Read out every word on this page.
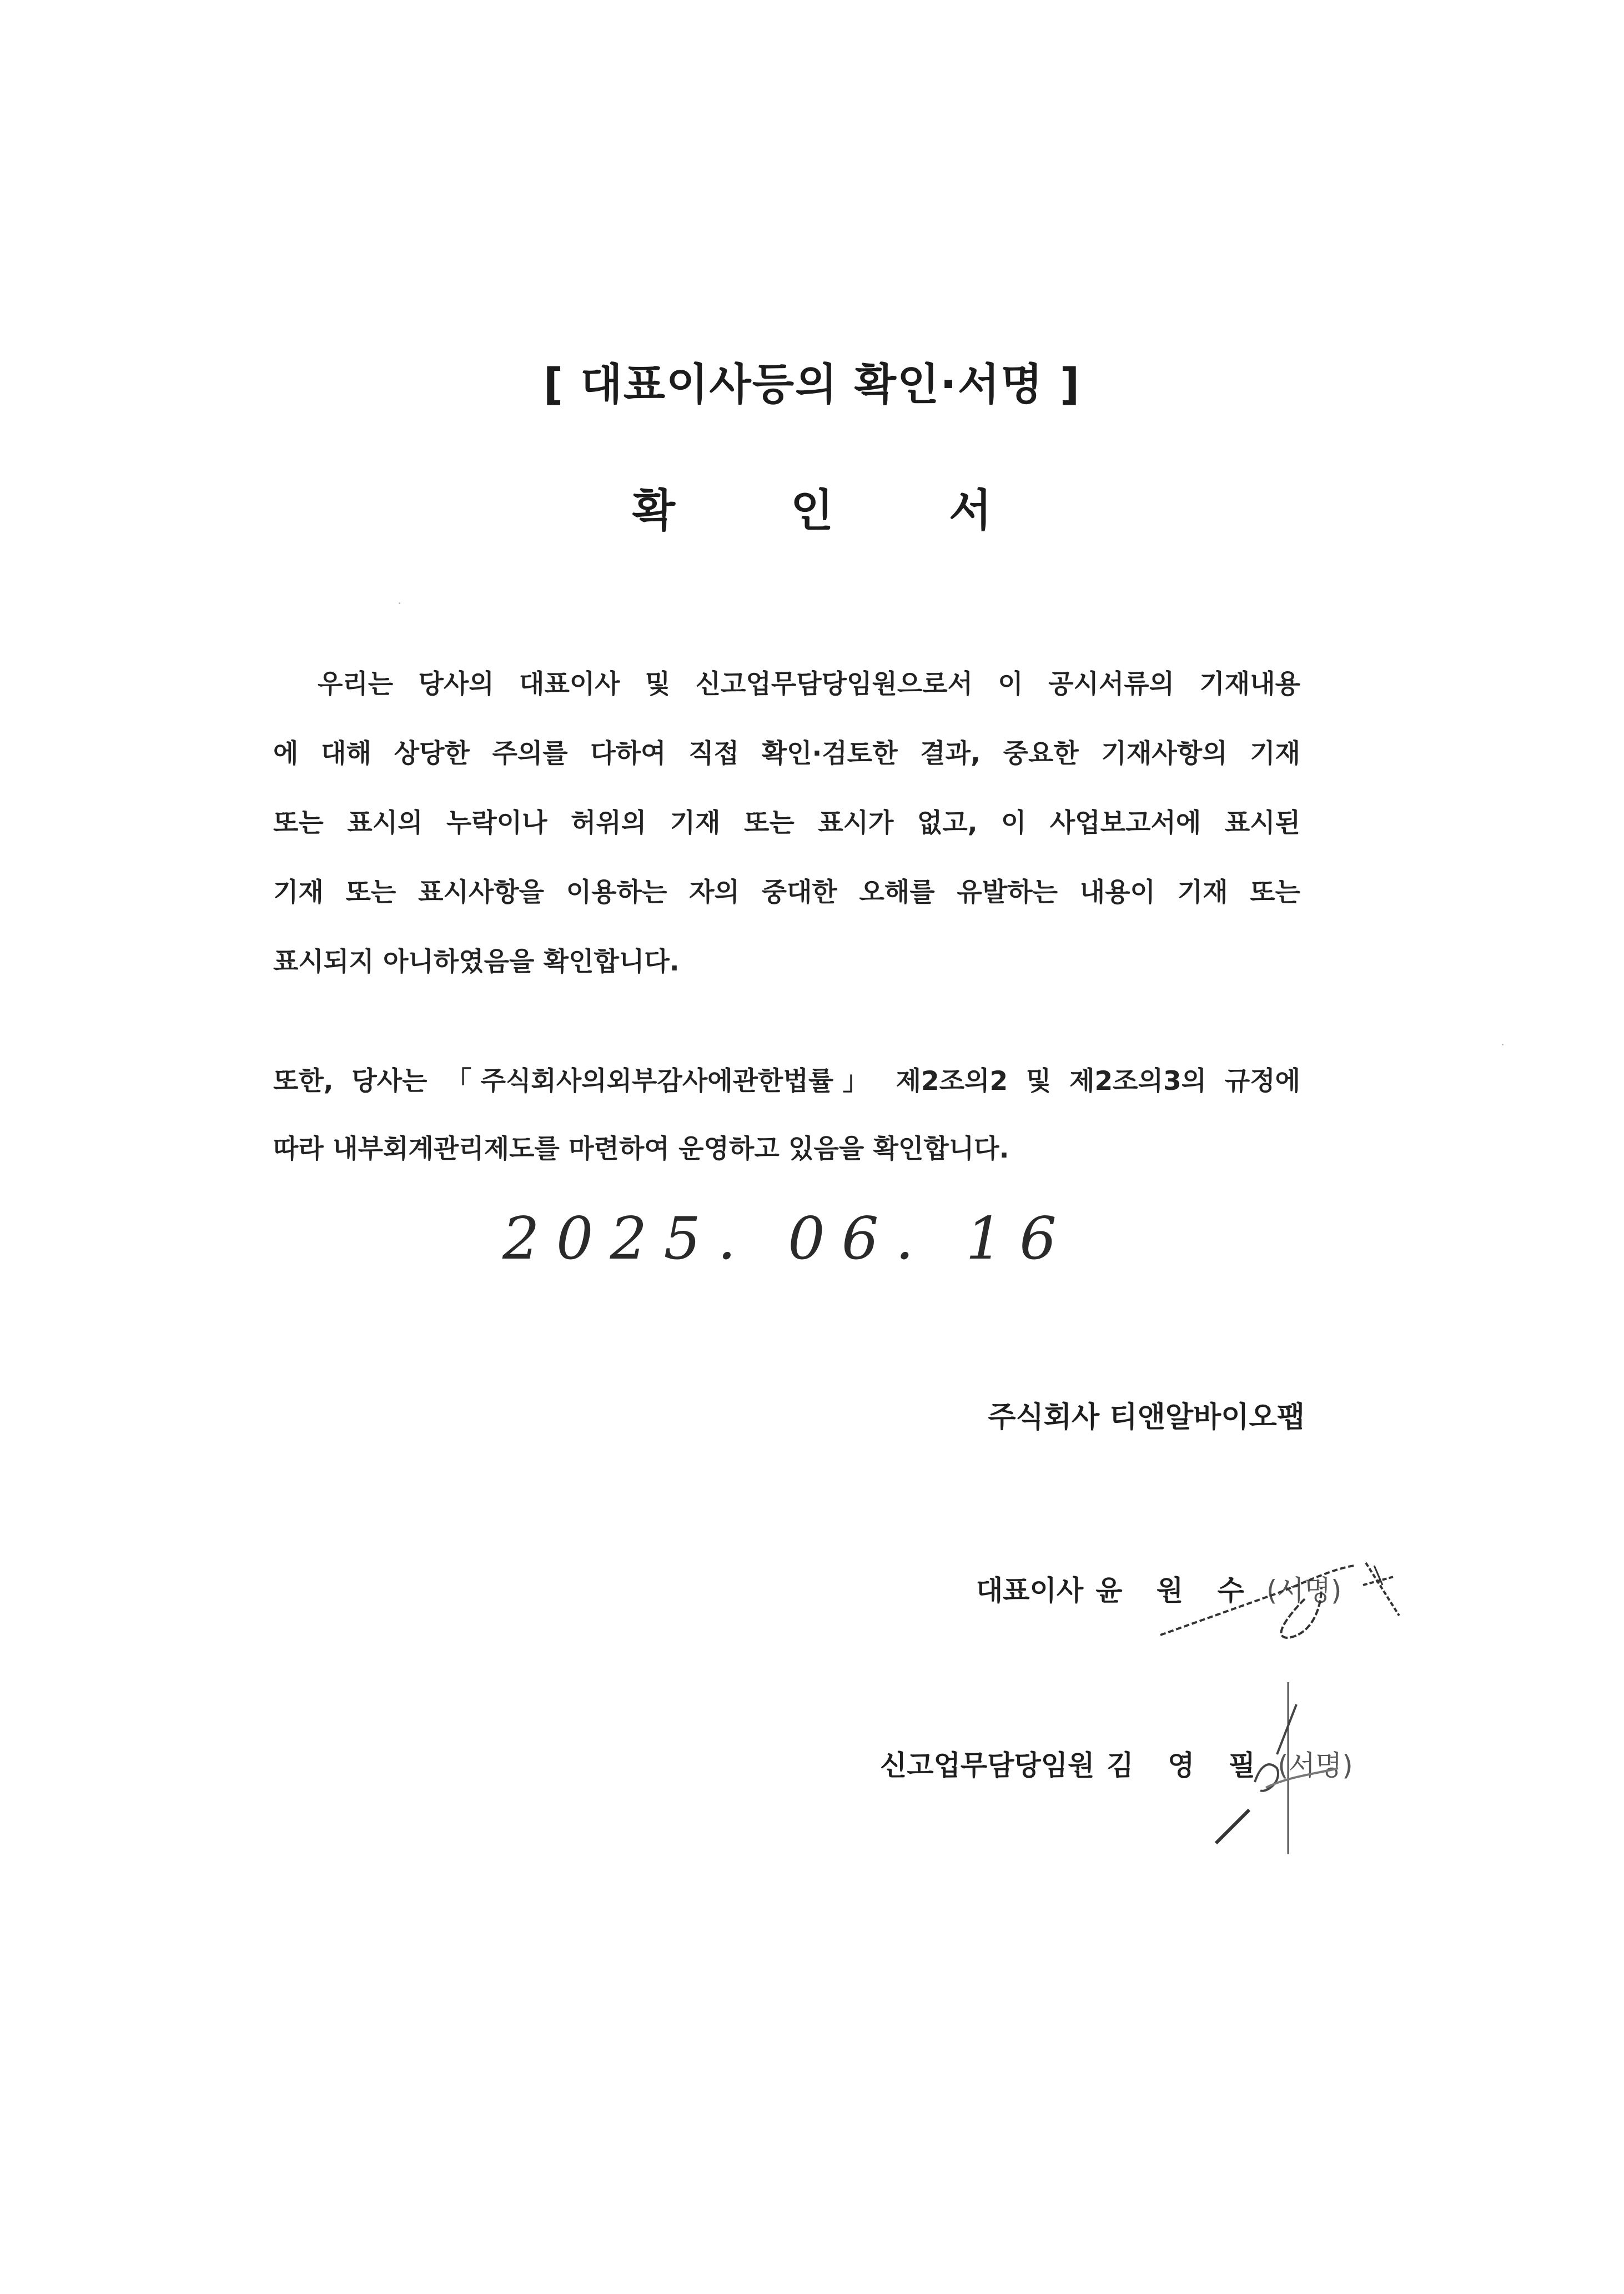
[ 대표이사등의 확인·서명 ]
확 인 서
우리는 당사의 대표이사 및 신고업무담당임원으로서 이 공시서류의 기재내용
에 대해 상당한 주의를 다하여 직접 확인·검토한 결과, 중요한 기재사항의 기재
또는 표시의 누락이나 허위의 기재 또는 표시가 없고, 이 사업보고서에 표시된
기재 또는 표시사항을 이용하는 자의 중대한 오해를 유발하는 내용이 기재 또는
표시되지 아니하였음을 확인합니다.
또한, 당사는 「주식회사의외부감사에관한법률」 제2조의2 및 제2조의3의 규정에
따라 내부회계관리제도를 마련하여 운영하고 있음을 확인합니다.
2025. 06. 16
주식회사 티앤알바이오팹
대표이사 윤 원 수 (서명)
신고업무담당임원 김 영 필 (서명)
